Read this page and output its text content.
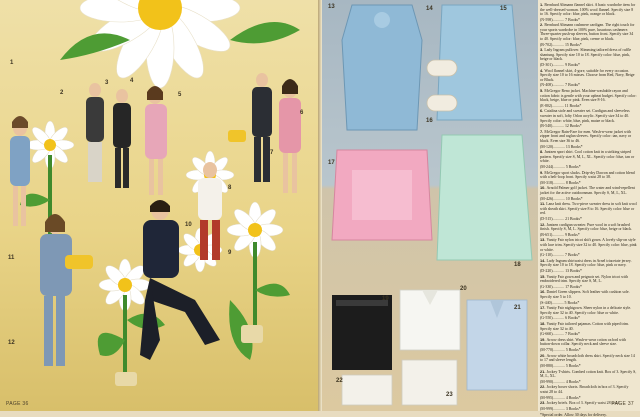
1
2
3	4
5
6
7
8
9
10
11
12
PAGE 36
13	14	15
16
17
18
19
20
21
22
23

1. Bernhard Altmann flannel skirt. A basic wardrobe item for the well-dressed woman. 100% wool flannel. Specify size 8 to 16. Specify color: blue, pink, orange or black.

(N-598)............ 7 Books*

2. Bernhard Altmann cashmere cardigan. The right touch for your sports wardrobe in 100% pure, luxurious cashmere. Three-quarter push-up sleeves, button front. Specify size 34 to 40. Specify color: blue, pink, creme or black.

(B-702)............ 15 Books*

3. Lady Ingram pullover. Slimming tailored dress of ruffle shantung. Specify size 10 to 18. Specify color: blue, pink, beige or black.

(D-301)............ 9 Books*

4. Wool flannel skirt, 4-gore, suitable for every occasion. Specify size 10 to 16 misses. Choose from Red, Navy, Beige or Black.

(N-408)............ 7 Books*

5. McGregor Reno jacket. Machine-washable rayon and cotton fabric is gentle with your upbeat budget. Specify color: black, beige, blue or pink. Even size 8-16.

(E-802)............ 11 Books*

6. Catalina stole and sweater set. Cardigan and sleeveless sweater in soft, lofty Orlon acrylic. Specify size 34 to 40. Specify color: white, blue, pink, maize or black.

(B-540)............ 12 Books*

7. McGregor Rain-Fare for men. Wash-n-wear jacket with zipper front and raglan sleeves. Specify color: tan, navy or black. Even size 36 to 46.

(M-120)............ 13 Books*

8. Jantzen sport shirt. Cool cotton knit in a striking striped pattern. Specify size S, M, L, XL. Specify color: blue, tan or white.

(M-244)............ 5 Books*

9. McGregor sport slacks. Drip-dry Dacron and cotton blend with a belt-loop front. Specify waist 28 to 38.

(M-318)............ 8 Books*

10. Arnold Palmer golf jacket. The water and wind-repellent jacket for the active outdoorsman. Specify S, M, L, XL.

(M-426)............ 10 Books*

11. Lanz knit dress. Two-piece sweater dress in soft knit wool with sheath skirt. Specify size 8 to 16. Specify color: blue or red.

(D-515)............ 21 Books*

12. Jantzen cardigan sweater. Pure wool in a soft brushed finish. Specify S, M, L. Specify color: blue, beige or black.

(B-651)............ 9 Books*

13. Vanity Fair nylon tricot shift gown. A lovely slip-on style with lace trim. Specify size 32 to 40. Specify color: blue, pink or white.

(G-110)............ 7 Books*

14. Lady Ingram shirtwaist dress in Arnel triacetate jersey. Specify size 10 to 18. Specify color: blue, pink or navy.

(D-220)............ 13 Books*

15. Vanity Fair gown and peignoir set. Nylon tricot with embroidered trim. Specify size S, M, L.

(G-330)............ 17 Books*

16. Daniel Green slippers. Soft leather with cushion sole. Specify size 5 to 10.

(S-440)............ 5 Books*

17. Vanity Fair nightgown. Sheer nylon in a delicate style. Specify size 32 to 40. Specify color: blue or white.

(G-550)............ 6 Books*

18. Vanity Fair tailored pajamas. Cotton with piped trim. Specify size 32 to 40.

(G-660)............ 7 Books*

19. Arrow dress shirt. Wash-n-wear cotton oxford with button-down collar. Specify neck and sleeve size.

(M-770)............ 5 Books*

20. Arrow white broadcloth dress shirt. Specify neck size 14 to 17 and sleeve length.

(M-880)............ 5 Books*

21. Jockey T-shirts. Combed cotton knit. Box of 3. Specify S, M, L, XL.

(M-990)............ 4 Books*

22. Jockey boxer shorts. Broadcloth in box of 3. Specify waist 28 to 44.

(M-995)............ 4 Books*

23. Jockey briefs. Box of 3. Specify waist 28 to 44.

(M-999)............ 3 Books*

*Special order. Allow 30 days for delivery.

PAGE 37
